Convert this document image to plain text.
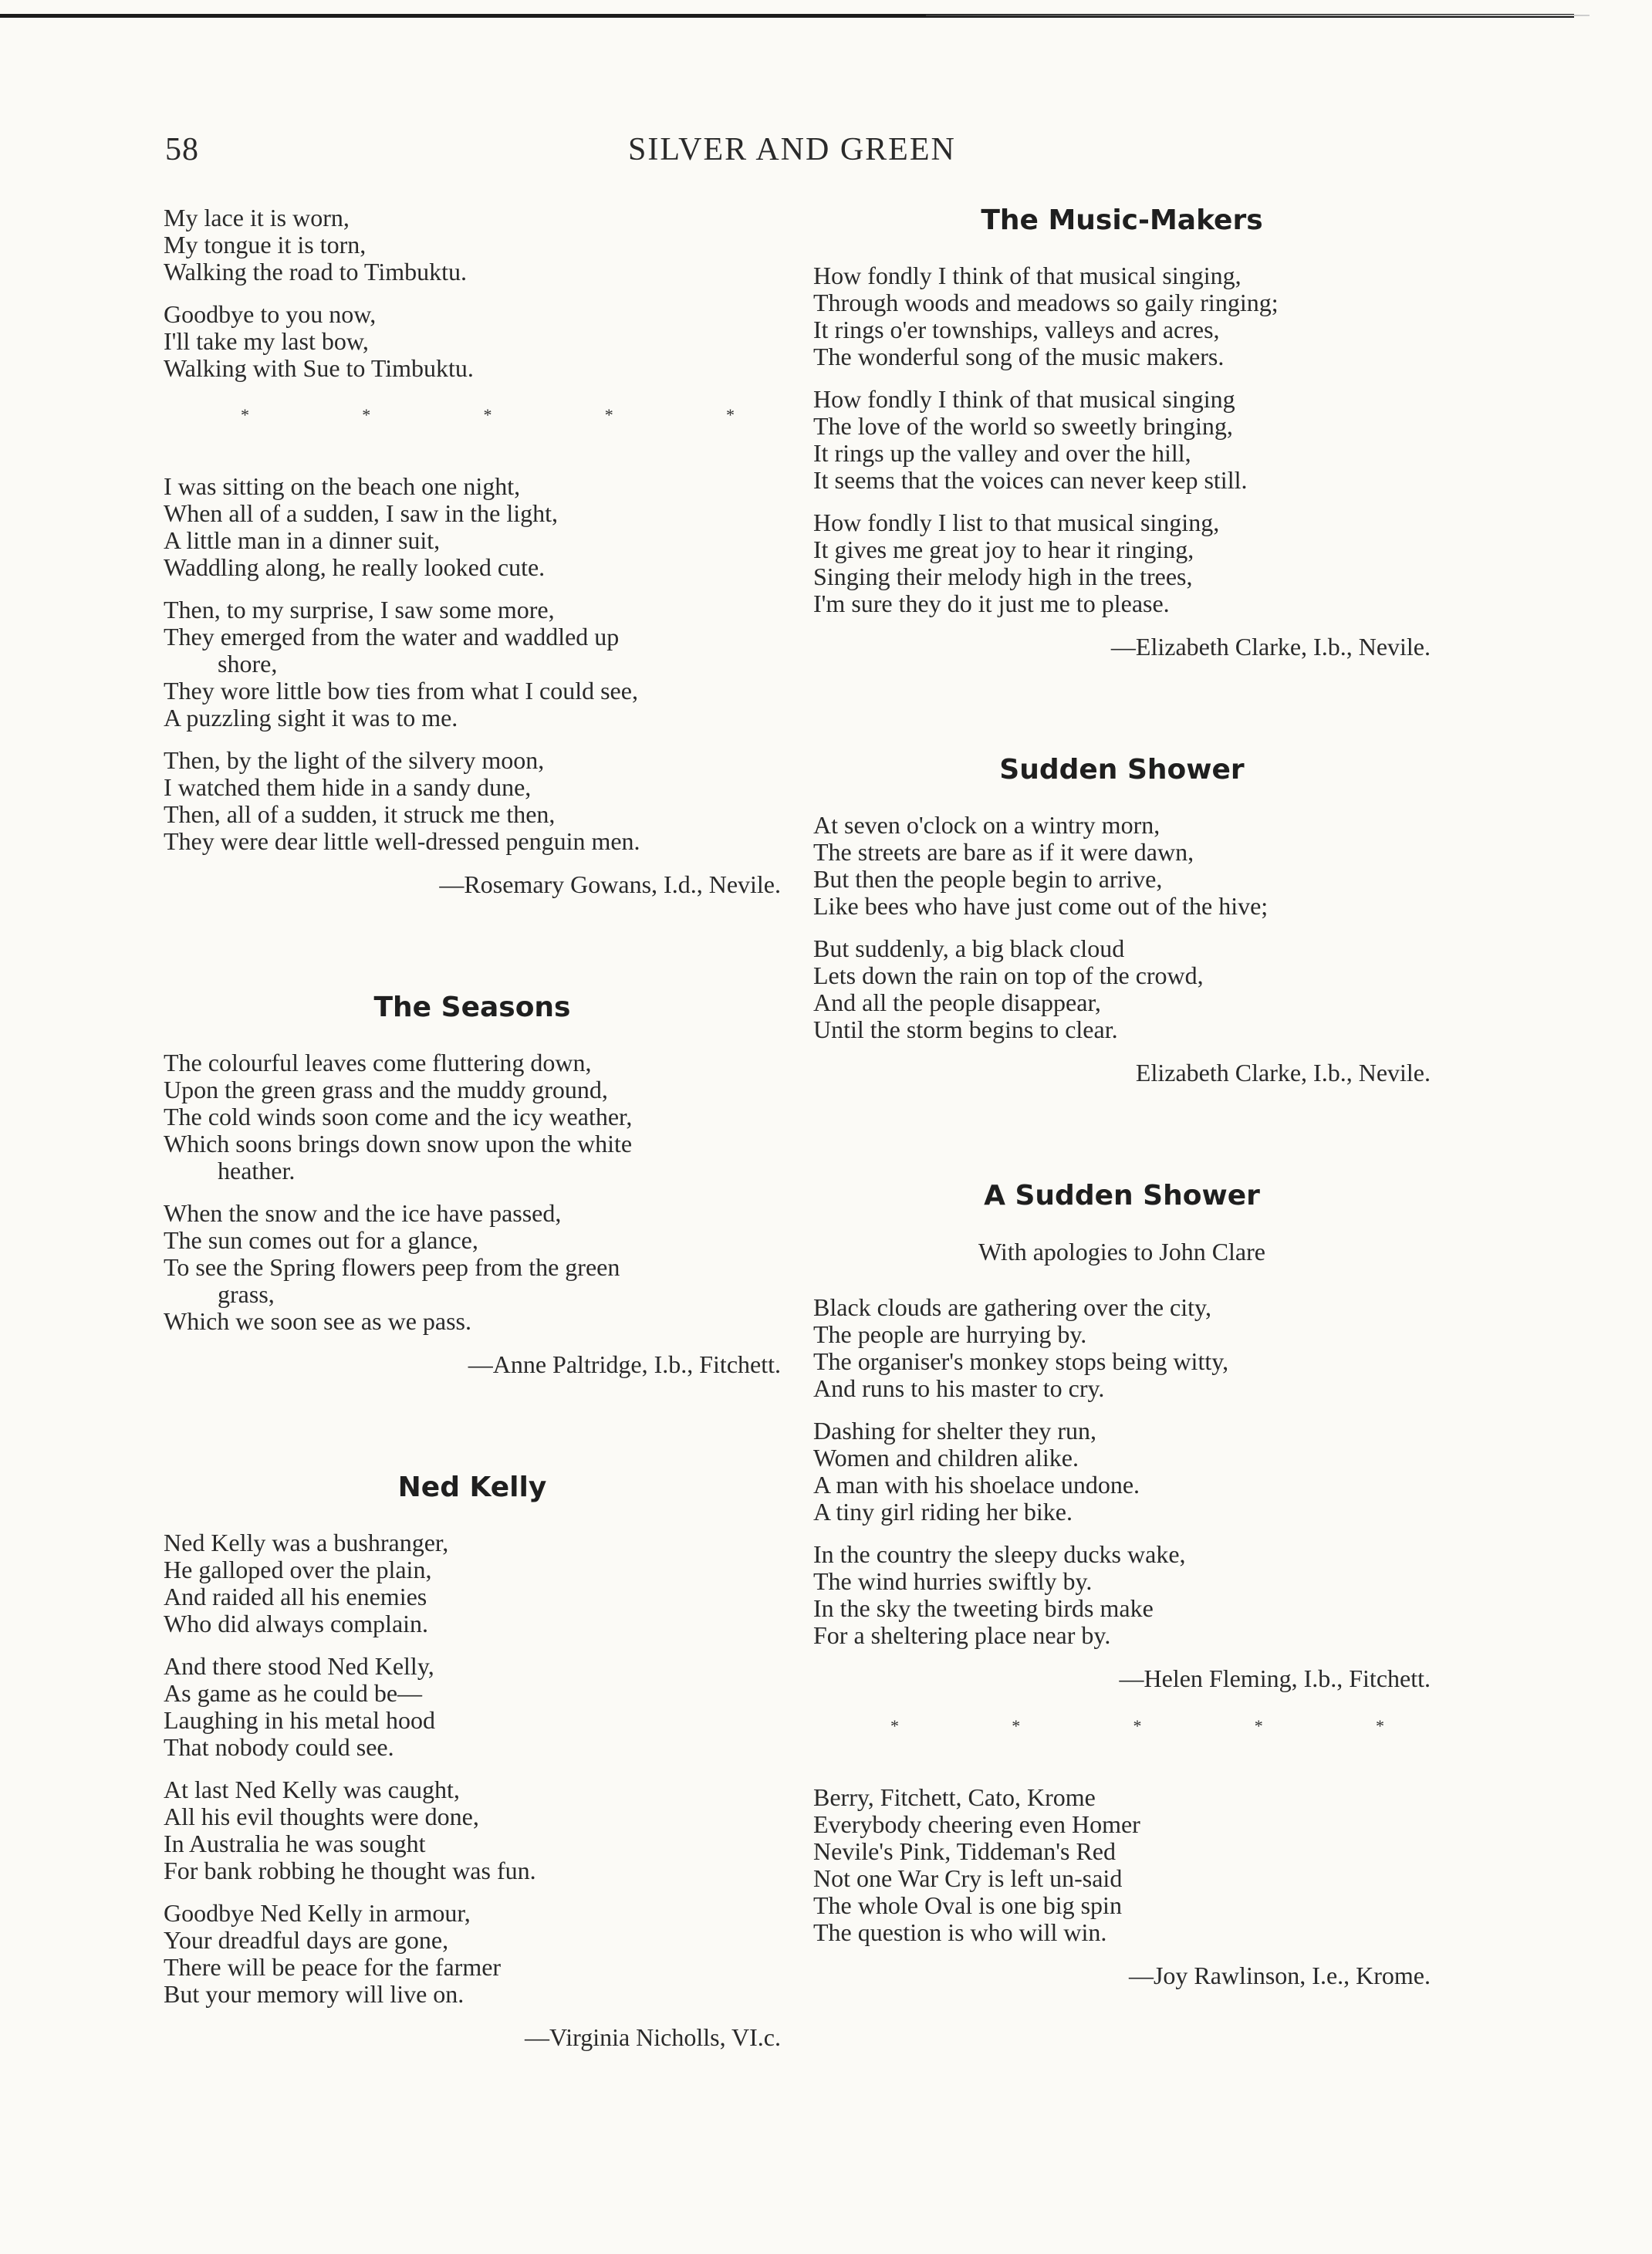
58	SILVER AND GREEN
My lace it is worn,
My tongue it is torn,
Walking the road to Timbuktu.
Goodbye to you now,
I'll take my last bow,
Walking with Sue to Timbuktu.
*	*	*	*	*
I was sitting on the beach one night,
When all of a sudden, I saw in the light,
A little man in a dinner suit,
Waddling along, he really looked cute.
Then, to my surprise, I saw some more,
They emerged from the water and waddled up
shore,
They wore little bow ties from what I could see,
A puzzling sight it was to me.
Then, by the light of the silvery moon,
I watched them hide in a sandy dune,
Then, all of a sudden, it struck me then,
They were dear little well-dressed penguin men.
—Rosemary Gowans, I.d., Nevile.
The Seasons
The colourful leaves come fluttering down,
Upon the green grass and the muddy ground,
The cold winds soon come and the icy weather,
Which soons brings down snow upon the white
heather.
When the snow and the ice have passed,
The sun comes out for a glance,
To see the Spring flowers peep from the green
grass,
Which we soon see as we pass.
—Anne Paltridge, I.b., Fitchett.
Ned Kelly
Ned Kelly was a bushranger,
He galloped over the plain,
And raided all his enemies
Who did always complain.
And there stood Ned Kelly,
As game as he could be—
Laughing in his metal hood
That nobody could see.
At last Ned Kelly was caught,
All his evil thoughts were done,
In Australia he was sought
For bank robbing he thought was fun.
Goodbye Ned Kelly in armour,
Your dreadful days are gone,
There will be peace for the farmer
But your memory will live on.
—Virginia Nicholls, VI.c.
The Music-Makers
How fondly I think of that musical singing,
Through woods and meadows so gaily ringing;
It rings o'er townships, valleys and acres,
The wonderful song of the music makers.
How fondly I think of that musical singing
The love of the world so sweetly bringing,
It rings up the valley and over the hill,
It seems that the voices can never keep still.
How fondly I list to that musical singing,
It gives me great joy to hear it ringing,
Singing their melody high in the trees,
I'm sure they do it just me to please.
—Elizabeth Clarke, I.b., Nevile.
Sudden Shower
At seven o'clock on a wintry morn,
The streets are bare as if it were dawn,
But then the people begin to arrive,
Like bees who have just come out of the hive;
But suddenly, a big black cloud
Lets down the rain on top of the crowd,
And all the people disappear,
Until the storm begins to clear.
Elizabeth Clarke, I.b., Nevile.
A Sudden Shower
With apologies to John Clare
Black clouds are gathering over the city,
The people are hurrying by.
The organiser's monkey stops being witty,
And runs to his master to cry.
Dashing for shelter they run,
Women and children alike.
A man with his shoelace undone.
A tiny girl riding her bike.
In the country the sleepy ducks wake,
The wind hurries swiftly by.
In the sky the tweeting birds make
For a sheltering place near by.
—Helen Fleming, I.b., Fitchett.
*	*	*	*	*
Berry, Fitchett, Cato, Krome
Everybody cheering even Homer
Nevile's Pink, Tiddeman's Red
Not one War Cry is left un-said
The whole Oval is one big spin
The question is who will win.
—Joy Rawlinson, I.e., Krome.
